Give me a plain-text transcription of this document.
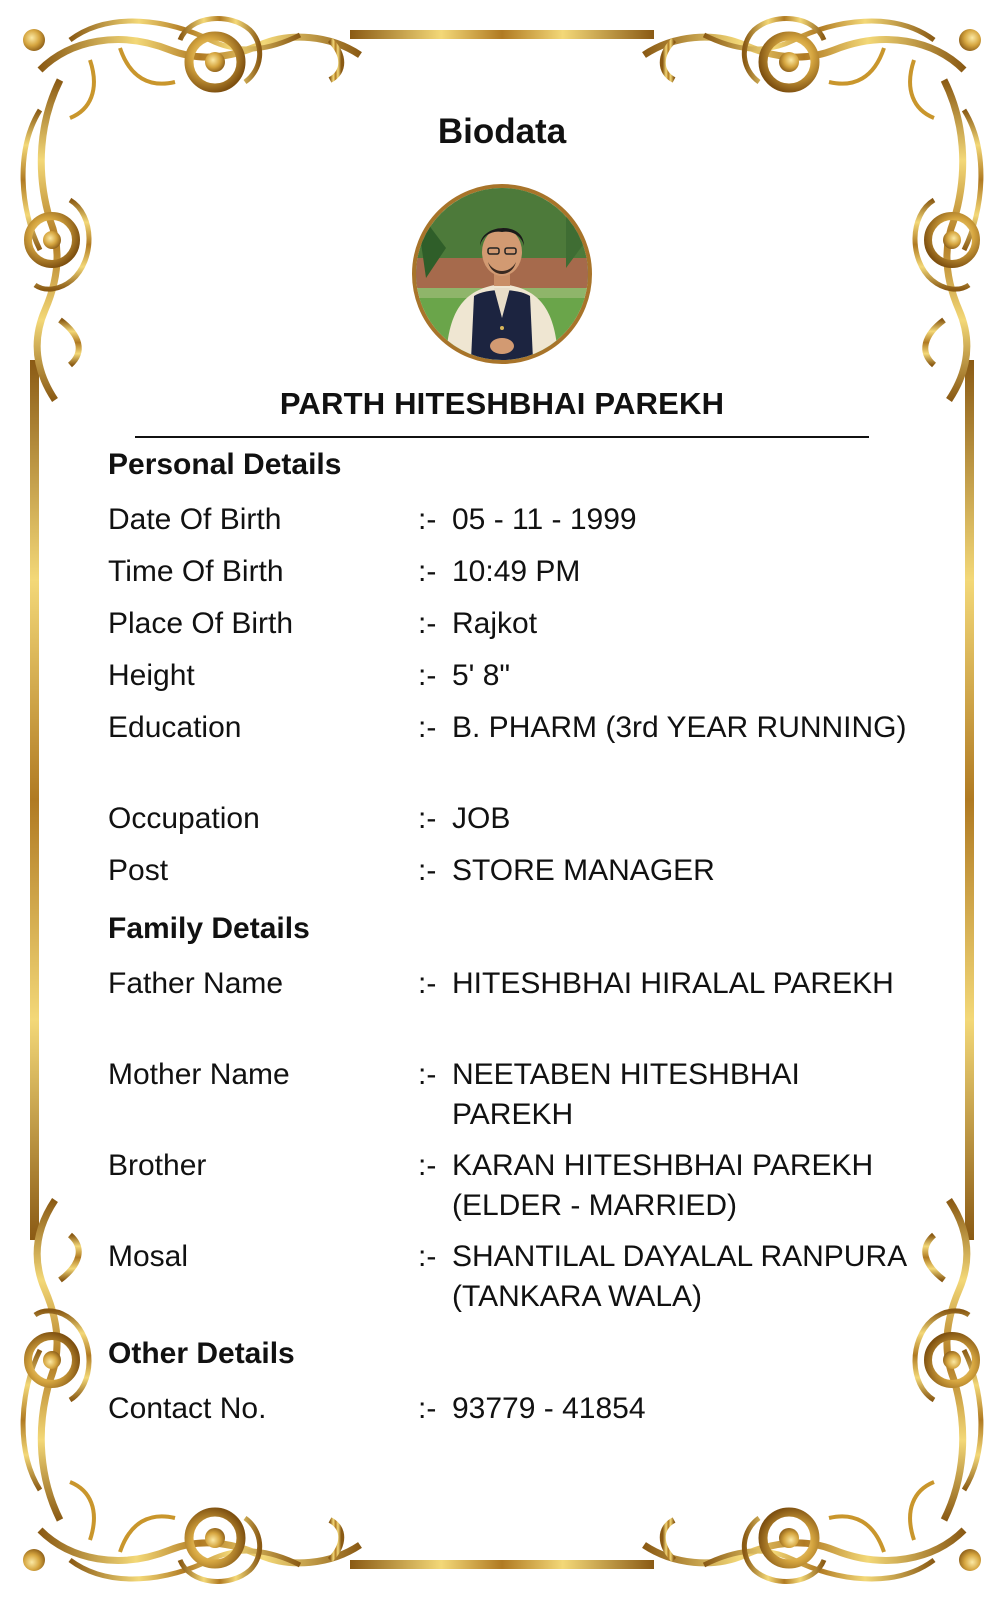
Biodata
PARTH HITESHBHAI PAREKH
Personal Details
Date Of Birth	:- 05 - 11 - 1999
Time Of Birth	:- 10:49 PM
Place Of Birth	:- Rajkot
Height	:- 5' 8"
Education	:- B. PHARM (3rd YEAR RUNNING)
Occupation	:- JOB
Post	:- STORE MANAGER
Family Details
Father Name	:- HITESHBHAI HIRALAL PAREKH
Mother Name	:- NEETABEN HITESHBHAI PAREKH
Brother	:- KARAN HITESHBHAI PAREKH (ELDER - MARRIED)
Mosal	:- SHANTILAL DAYALAL RANPURA (TANKARA WALA)
Other Details
Contact No.	:- 93779 - 41854
